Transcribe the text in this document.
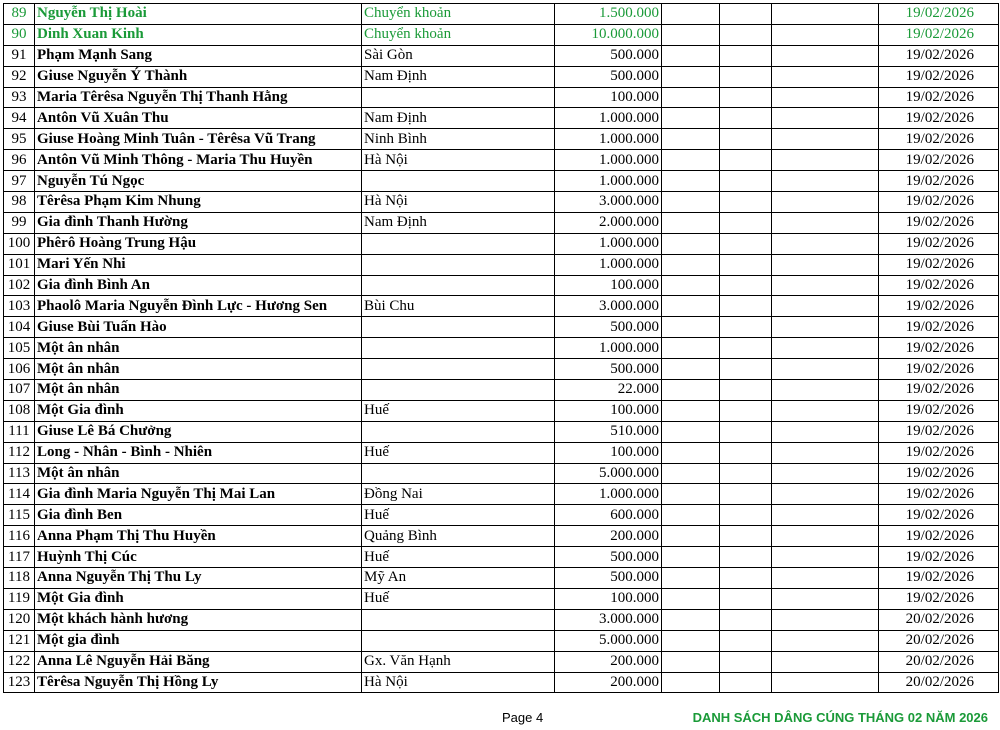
89	Nguyễn Thị Hoài	Chuyển khoản	1.500.000				19/02/2026
90	Dinh Xuan Kinh	Chuyển khoản	10.000.000				19/02/2026
91	Phạm Mạnh Sang	Sài Gòn	500.000				19/02/2026
92	Giuse Nguyễn Ý Thành	Nam Định	500.000				19/02/2026
93	Maria Têrêsa Nguyễn Thị Thanh Hằng		100.000				19/02/2026
94	Antôn Vũ Xuân Thu	Nam Định	1.000.000				19/02/2026
95	Giuse Hoàng Minh Tuân - Têrêsa Vũ Trang	Ninh Bình	1.000.000				19/02/2026
96	Antôn Vũ Minh Thông - Maria Thu Huyền	Hà Nội	1.000.000				19/02/2026
97	Nguyễn Tú Ngọc		1.000.000				19/02/2026
98	Têrêsa Phạm Kim Nhung	Hà Nội	3.000.000				19/02/2026
99	Gia đình Thanh Hường	Nam Định	2.000.000				19/02/2026
100	Phêrô Hoàng Trung Hậu		1.000.000				19/02/2026
101	Mari Yến Nhi		1.000.000				19/02/2026
102	Gia đình Bình An		100.000				19/02/2026
103	Phaolô Maria Nguyễn Đình Lực - Hương Sen	Bùi Chu	3.000.000				19/02/2026
104	Giuse Bùi Tuấn Hào		500.000				19/02/2026
105	Một ân nhân		1.000.000				19/02/2026
106	Một ân nhân		500.000				19/02/2026
107	Một ân nhân		22.000				19/02/2026
108	Một Gia đình	Huế	100.000				19/02/2026
111	Giuse Lê Bá Chưởng		510.000				19/02/2026
112	Long - Nhân - Bình - Nhiên	Huế	100.000				19/02/2026
113	Một ân nhân		5.000.000				19/02/2026
114	Gia đình Maria Nguyễn Thị Mai Lan	Đồng Nai	1.000.000				19/02/2026
115	Gia đình Ben	Huế	600.000				19/02/2026
116	Anna Phạm Thị Thu Huyền	Quảng Bình	200.000				19/02/2026
117	Huỳnh Thị Cúc	Huế	500.000				19/02/2026
118	Anna Nguyễn Thị Thu Ly	Mỹ An	500.000				19/02/2026
119	Một Gia đình	Huế	100.000				19/02/2026
120	Một khách hành hương		3.000.000				20/02/2026
121	Một gia đình		5.000.000				20/02/2026
122	Anna Lê Nguyễn Hải Băng	Gx. Văn Hạnh	200.000				20/02/2026
123	Têrêsa Nguyễn Thị Hồng Ly	Hà Nội	200.000				20/02/2026
Page 4	DANH SÁCH DÂNG CÚNG THÁNG 02 NĂM 2026
